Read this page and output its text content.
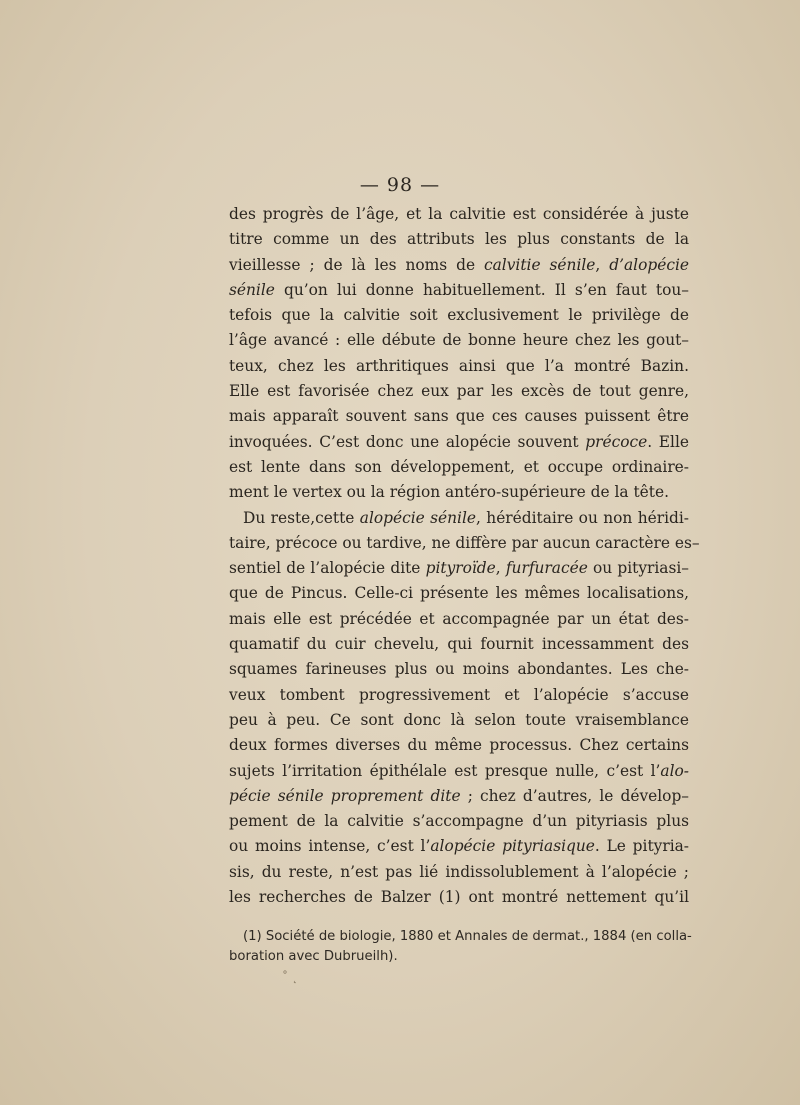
— 98 —
des progrès de l’âge, et la calvitie est considérée à juste
titre comme un des attributs les plus constants de la
vieillesse ; de là les noms de calvitie sénile, d’alopécie
sénile qu’on lui donne habituellement. Il s’en faut tou–
tefois que la calvitie soit exclusivement le privilège de
l’âge avancé : elle débute de bonne heure chez les gout–
teux, chez les arthritiques ainsi que l’a montré Bazin.
Elle est favorisée chez eux par les excès de tout genre,
mais apparaît souvent sans que ces causes puissent être
invoquées. C’est donc une alopécie souvent précoce. Elle
est lente dans son développement, et occupe ordinaire-
ment le vertex ou la région antéro-supérieure de la tête.
Du reste,cette alopécie sénile, héréditaire ou non héridi-
taire, précoce ou tardive, ne diffère par aucun caractère es–
sentiel de l’alopécie dite pityroïde, furfuracée ou pityriasi–
que de Pincus. Celle-ci présente les mêmes localisations,
mais elle est précédée et accompagnée par un état des-
quamatif du cuir chevelu, qui fournit incessamment des
squames farineuses plus ou moins abondantes. Les che-
veux tombent progressivement et l’alopécie s’accuse
peu à peu. Ce sont donc là selon toute vraisemblance
deux formes diverses du même processus. Chez certains
sujets l’irritation épithélale est presque nulle, c’est l’alo-
pécie sénile proprement dite ; chez d’autres, le dévelop–
pement de la calvitie s’accompagne d’un pityriasis plus
ou moins intense, c’est l’alopécie pityriasique. Le pityria-
sis, du reste, n’est pas lié indissolublement à l’alopécie ;
les recherches de Balzer (1) ont montré nettement qu’il
(1) Société de biologie, 1880 et Annales de dermat., 1884 (en colla-
boration avec Dubrueilh).
˚ ˛
